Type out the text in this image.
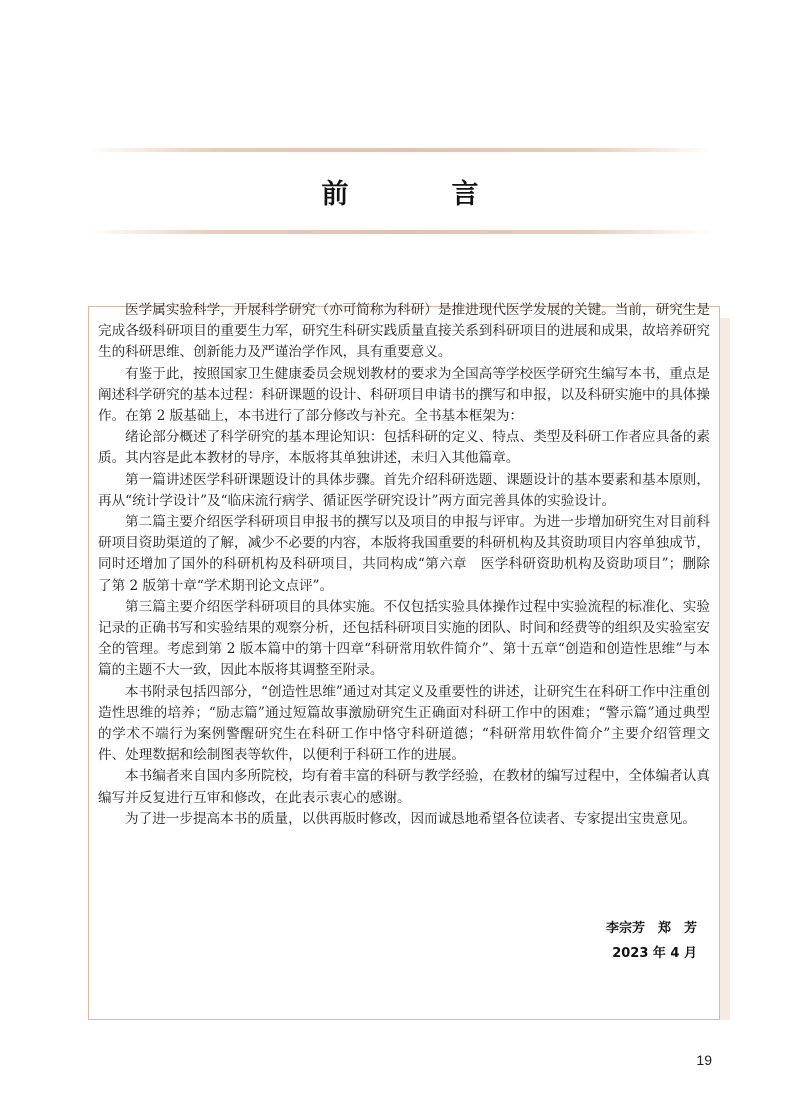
前　言

医学属实验科学，开展科学研究（亦可简称为科研）是推进现代医学发展的关键。当前，研究生是完成各级科研项目的重要生力军，研究生科研实践质量直接关系到科研项目的进展和成果，故培养研究生的科研思维、创新能力及严谨治学作风，具有重要意义。

有鉴于此，按照国家卫生健康委员会规划教材的要求为全国高等学校医学研究生编写本书，重点是阐述科学研究的基本过程：科研课题的设计、科研项目申请书的撰写和申报，以及科研实施中的具体操作。在第 2 版基础上，本书进行了部分修改与补充。全书基本框架为：

绪论部分概述了科学研究的基本理论知识：包括科研的定义、特点、类型及科研工作者应具备的素质。其内容是此本教材的导序，本版将其单独讲述，未归入其他篇章。

第一篇讲述医学科研课题设计的具体步骤。首先介绍科研选题、课题设计的基本要素和基本原则，再从“统计学设计”及“临床流行病学、循证医学研究设计”两方面完善具体的实验设计。

第二篇主要介绍医学科研项目申报书的撰写以及项目的申报与评审。为进一步增加研究生对目前科研项目资助渠道的了解，减少不必要的内容，本版将我国重要的科研机构及其资助项目内容单独成节，同时还增加了国外的科研机构及科研项目，共同构成“第六章　医学科研资助机构及资助项目”；删除了第 2 版第十章“学术期刊论文点评”。

第三篇主要介绍医学科研项目的具体实施。不仅包括实验具体操作过程中实验流程的标准化、实验记录的正确书写和实验结果的观察分析，还包括科研项目实施的团队、时间和经费等的组织及实验室安全的管理。考虑到第 2 版本篇中的第十四章“科研常用软件简介”、第十五章“创造和创造性思维”与本篇的主题不大一致，因此本版将其调整至附录。

本书附录包括四部分，“创造性思维”通过对其定义及重要性的讲述，让研究生在科研工作中注重创造性思维的培养；“励志篇”通过短篇故事激励研究生正确面对科研工作中的困难；“警示篇”通过典型的学术不端行为案例警醒研究生在科研工作中恪守科研道德；“科研常用软件简介”主要介绍管理文件、处理数据和绘制图表等软件，以便利于科研工作的进展。

本书编者来自国内多所院校，均有着丰富的科研与教学经验，在教材的编写过程中，全体编者认真编写并反复进行互审和修改，在此表示衷心的感谢。

为了进一步提高本书的质量，以供再版时修改，因而诚恳地希望各位读者、专家提出宝贵意见。

李宗芳　郑　芳
2023 年 4 月
19
